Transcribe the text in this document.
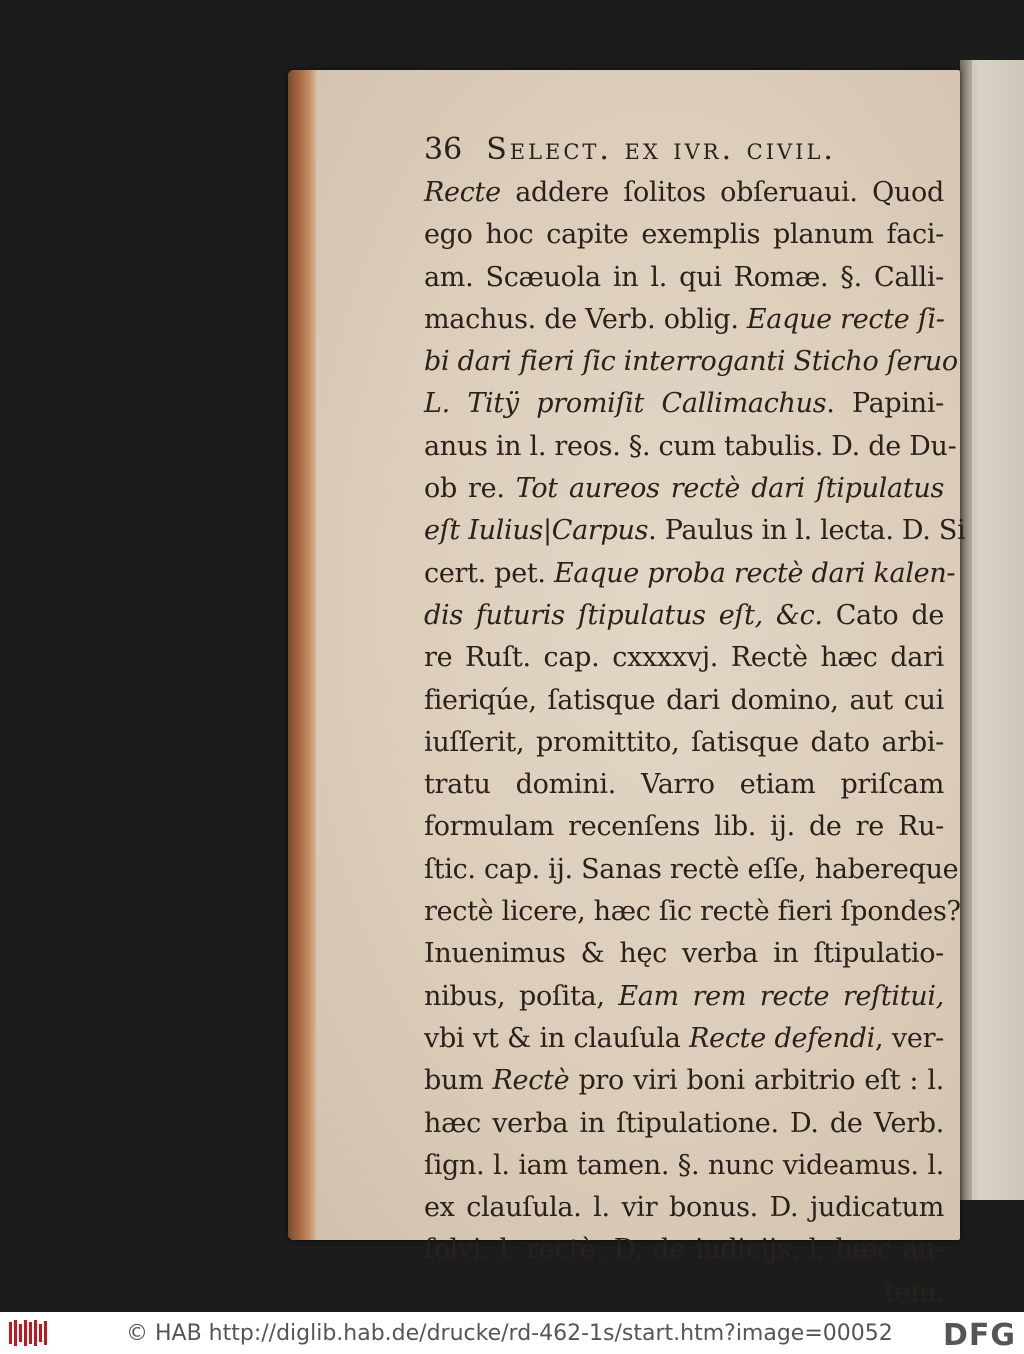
36 Select. ex ivr. civil.
Recte addere ſolitos obſeruaui. Quod
ego hoc capite exemplis planum faci-
am. Scæuola in l. qui Romæ. §. Calli-
machus. de Verb. oblig. Eaque recte ſi-
bi dari fieri ſic interroganti Sticho ſeruo
L. Titÿ promiſit Callimachus. Papini-
anus in l. reos. §. cum tabulis. D. de Du-
ob re. Tot aureos rectè dari ſtipulatus
eſt Iulius|Carpus. Paulus in l. lecta. D. Si
cert. pet. Eaque proba rectè dari kalen-
dis futuris ſtipulatus eſt, &c. Cato de
re Ruſt. cap. cxxxxvj. Rectè hæc dari
fieriqúe, ſatisque dari domino, aut cui
iuſſerit, promittito, ſatisque dato arbi-
tratu domini. Varro etiam priſcam
formulam recenſens lib. ij. de re Ru-
ſtic. cap. ij. Sanas rectè eſſe, habereque
rectè licere, hæc ſic rectè fieri ſpondes?
Inuenimus & hęc verba in ſtipulatio-
nibus, poſita, Eam rem recte reſtitui,
vbi vt & in clauſula Recte defendi, ver-
bum Rectè pro viri boni arbitrio eſt : l.
hæc verba in ſtipulatione. D. de Verb.
ſign. l. iam tamen. §. nunc videamus. l.
ex clauſula. l. vir bonus. D. judicatum
ſolvi. l. rectè. D. de iudicijs. l. hæc au-
tem.
© HAB http://diglib.hab.de/drucke/rd-462-1s/start.htm?image=00052 DFG
